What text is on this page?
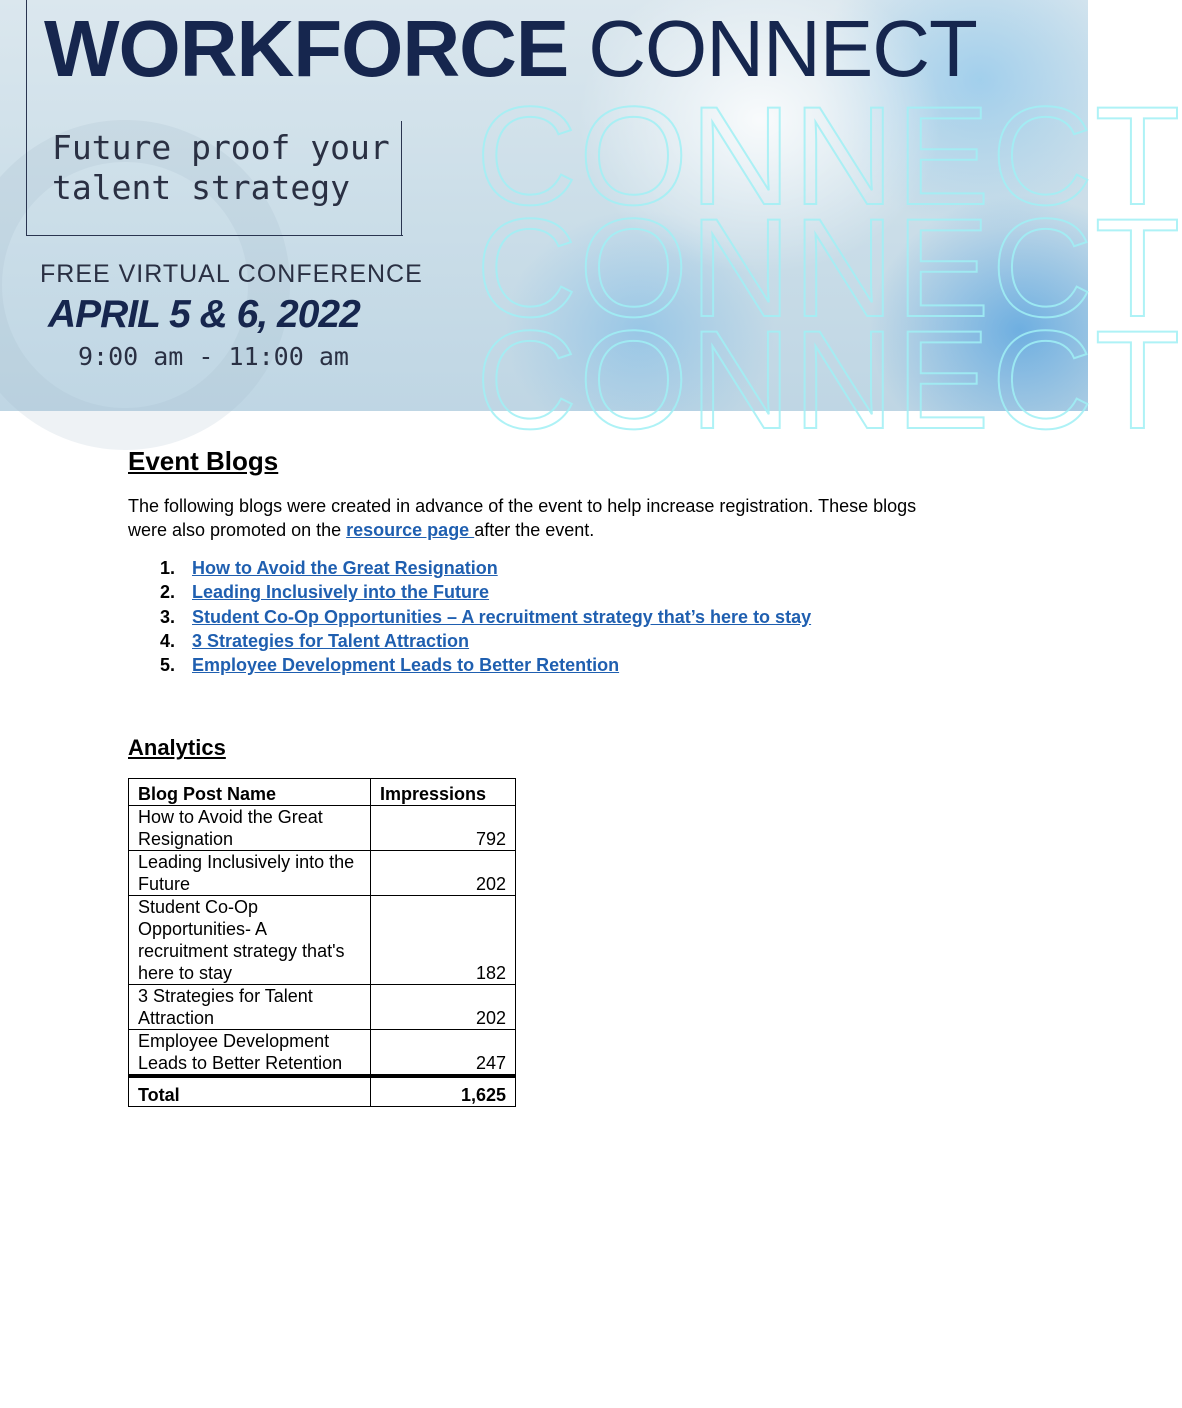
WORKFORCE CONNECT
Future proof your
talent strategy CONNECT
CONNECT
CONNECT
FREE VIRTUAL CONFERENCE
APRIL 5 & 6, 2022
9:00 am - 11:00 am
Event Blogs

The following blogs were created in advance of the event to help increase registration. These blogs were also promoted on the resource page after the event.

1. How to Avoid the Great Resignation
2. Leading Inclusively into the Future
3. Student Co-Op Opportunities – A recruitment strategy that’s here to stay
4. 3 Strategies for Talent Attraction
5. Employee Development Leads to Better Retention
Analytics
Blog Post Name	Impressions
How to Avoid the Great Resignation	792
Leading Inclusively into the Future	202
Student Co-Op Opportunities- A recruitment strategy that's here to stay	182
3 Strategies for Talent Attraction	202
Employee Development Leads to Better Retention	247
Total	1,625
